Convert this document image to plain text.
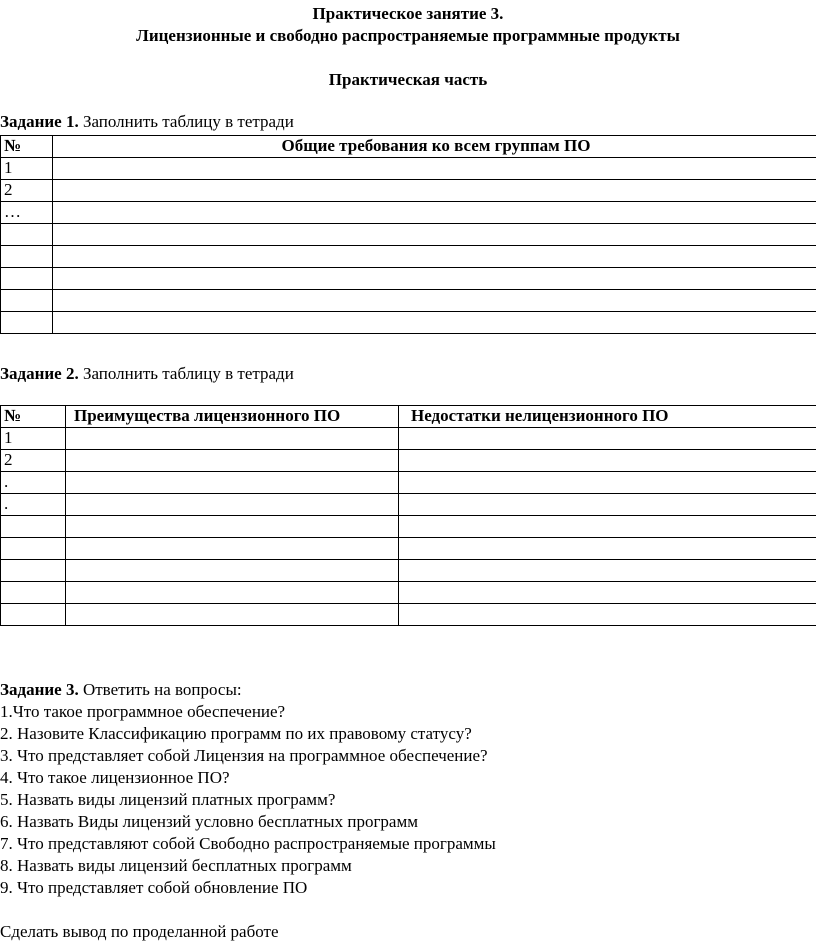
Практическое занятие 3.
Лицензионные и свободно распространяемые программные продукты
Практическая часть
Задание 1. Заполнить таблицу в тетради
№	Общие требования ко всем группам ПО
1	
2	
…	

Задание 2. Заполнить таблицу в тетради
№	Преимущества лицензионного ПО	Недостатки нелицензионного ПО
1		
2		
.		
.		

Задание 3. Ответить на вопросы:
1.Что такое программное обеспечение?
2. Назовите Классификацию программ по их правовому статусу?
3. Что представляет собой Лицензия на программное обеспечение?
4. Что такое лицензионное ПО?
5. Назвать виды лицензий платных программ?
6. Назвать Виды лицензий условно бесплатных программ
7. Что представляют собой Свободно распространяемые программы
8. Назвать виды лицензий бесплатных программ
9. Что представляет собой обновление ПО
Сделать вывод по проделанной работе
